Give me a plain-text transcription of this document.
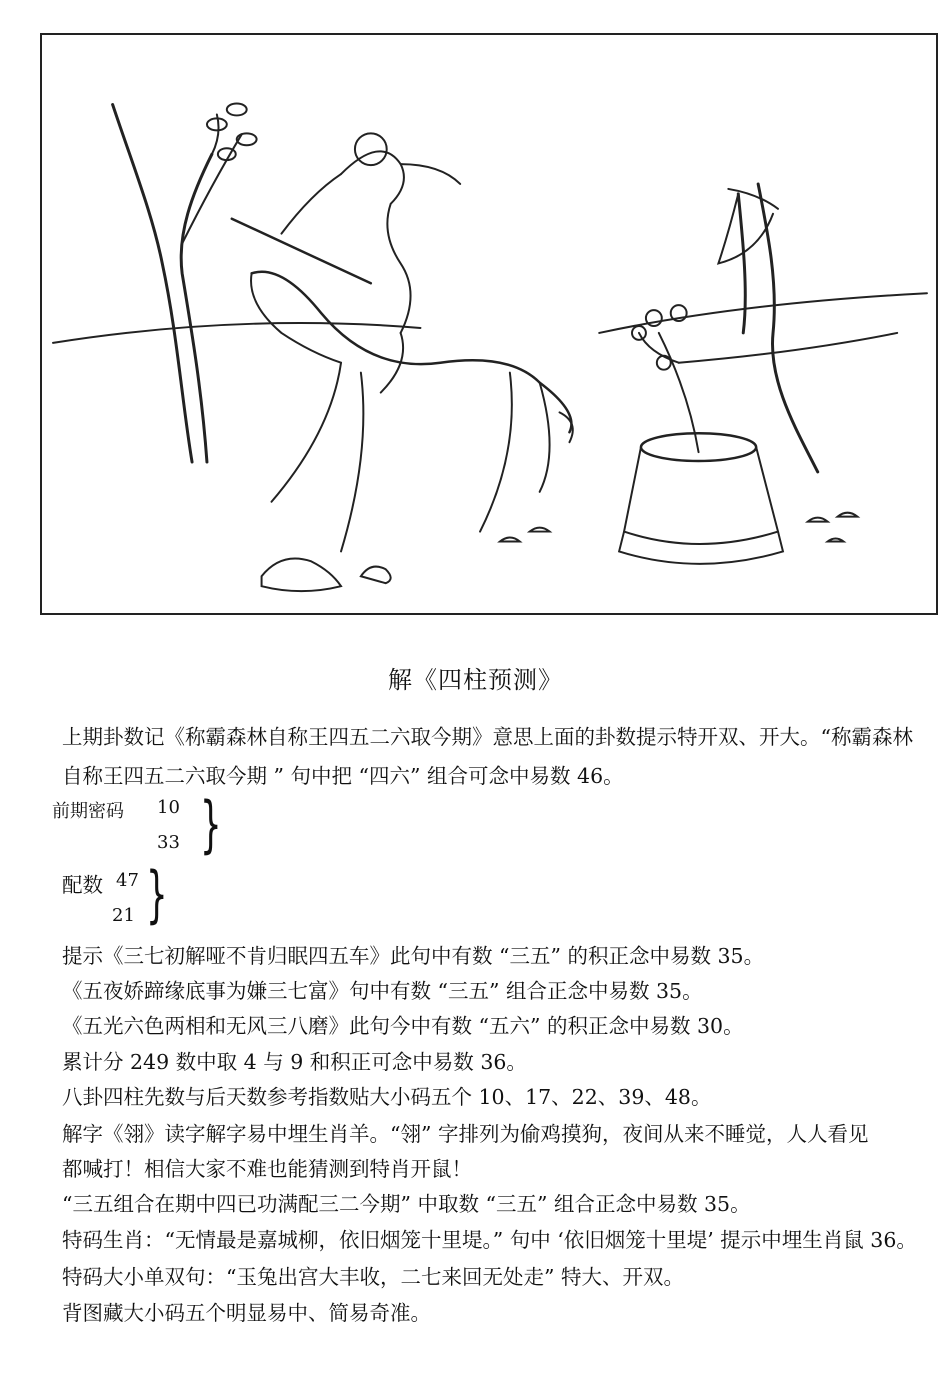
解《四柱预测》
上期卦数记《称霸森林自称王四五二六取今期》意思上面的卦数提示特开双、开大。“称霸森林
自称王四五二六取今期 ” 句中把 “四六” 组合可念中易数 46。
前期密码 10
33 }
配数 47
21 }
提示《三七初解哑不肯归眠四五车》此句中有数 “三五” 的积正念中易数 35。
《五夜娇蹄缘底事为嫌三七富》句中有数 “三五” 组合正念中易数 35。
《五光六色两相和无风三八磨》此句今中有数 “五六” 的积正念中易数 30。
累计分 249 数中取 4 与 9 和积正可念中易数 36。
八卦四柱先数与后天数参考指数贴大小码五个 10、17、22、39、48。
解字《翎》读字解字易中埋生肖羊。“翎” 字排列为偷鸡摸狗，夜间从来不睡觉，人人看见
都喊打！相信大家不难也能猜测到特肖开鼠！
“三五组合在期中四已功满配三二今期” 中取数 “三五” 组合正念中易数 35。
特码生肖：“无情最是嘉城柳，依旧烟笼十里堤。” 句中 ‘依旧烟笼十里堤’ 提示中埋生肖鼠 36。
特码大小单双句：“玉兔出宫大丰收，二七来回无处走” 特大、开双。
背图藏大小码五个明显易中、简易奇准。
